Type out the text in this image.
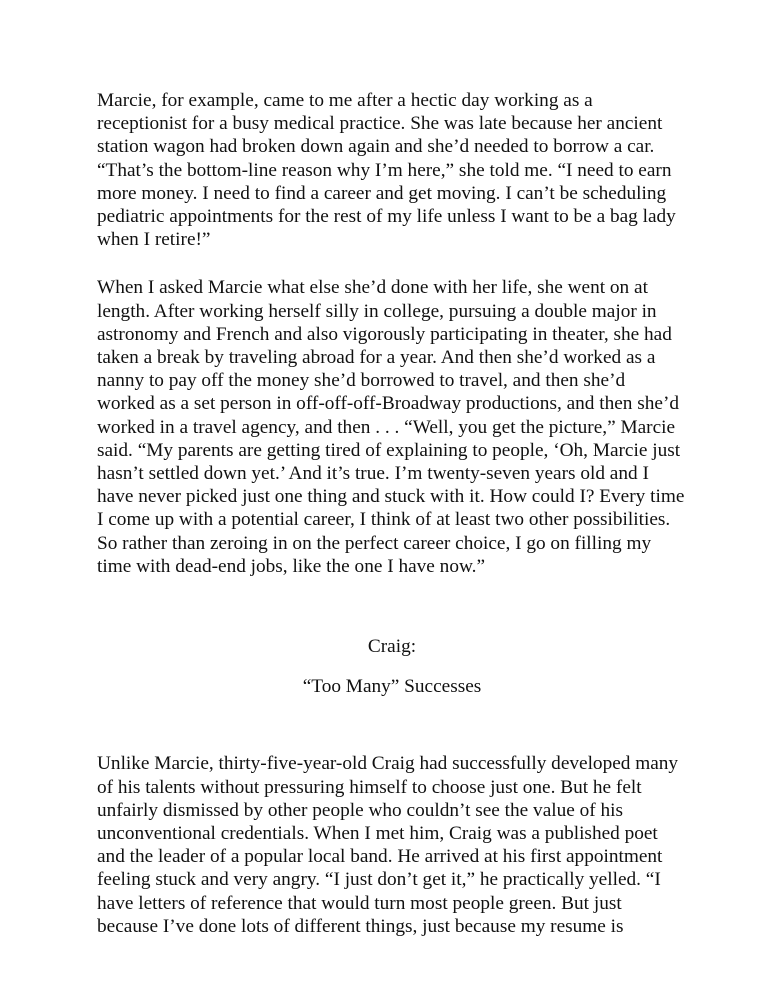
Marcie, for example, came to me after a hectic day working as a
receptionist for a busy medical practice. She was late because her ancient
station wagon had broken down again and she’d needed to borrow a car.
“That’s the bottom-line reason why I’m here,” she told me. “I need to earn
more money. I need to find a career and get moving. I can’t be scheduling
pediatric appointments for the rest of my life unless I want to be a bag lady
when I retire!”

When I asked Marcie what else she’d done with her life, she went on at
length. After working herself silly in college, pursuing a double major in
astronomy and French and also vigorously participating in theater, she had
taken a break by traveling abroad for a year. And then she’d worked as a
nanny to pay off the money she’d borrowed to travel, and then she’d
worked as a set person in off-off-off-Broadway productions, and then she’d
worked in a travel agency, and then . . . “Well, you get the picture,” Marcie
said. “My parents are getting tired of explaining to people, ‘Oh, Marcie just
hasn’t settled down yet.’ And it’s true. I’m twenty-seven years old and I
have never picked just one thing and stuck with it. How could I? Every time
I come up with a potential career, I think of at least two other possibilities.
So rather than zeroing in on the perfect career choice, I go on filling my
time with dead-end jobs, like the one I have now.”

Craig:

“Too Many” Successes

Unlike Marcie, thirty-five-year-old Craig had successfully developed many
of his talents without pressuring himself to choose just one. But he felt
unfairly dismissed by other people who couldn’t see the value of his
unconventional credentials. When I met him, Craig was a published poet
and the leader of a popular local band. He arrived at his first appointment
feeling stuck and very angry. “I just don’t get it,” he practically yelled. “I
have letters of reference that would turn most people green. But just
because I’ve done lots of different things, just because my resume is
